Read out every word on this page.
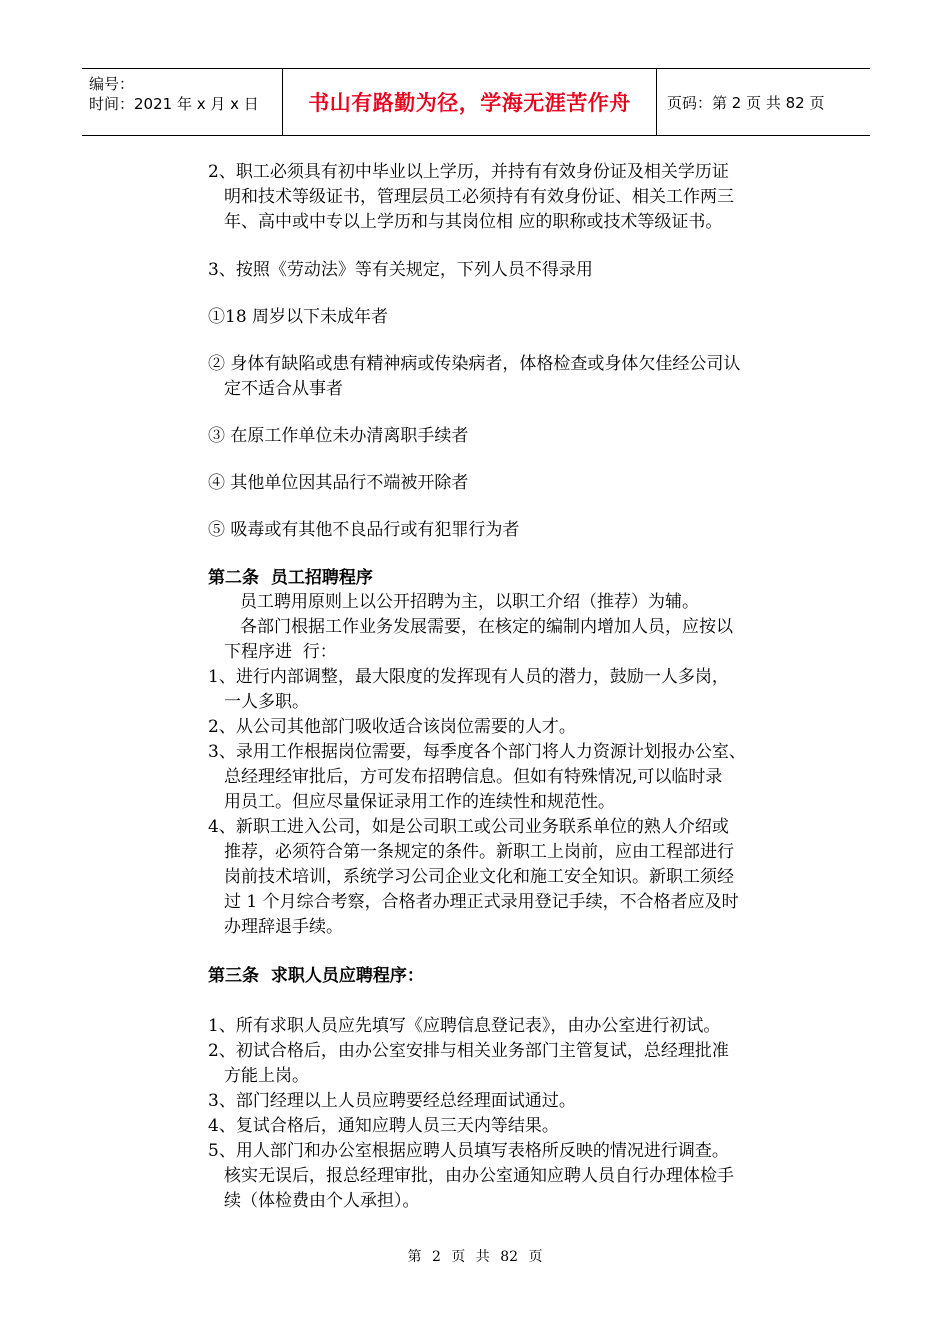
编号：
时间：2021 年 x 月 x 日	书山有路勤为径，学海无涯苦作舟	页码：第 2 页 共 82 页
2、职工必须具有初中毕业以上学历，并持有有效身份证及相关学历证
明和技术等级证书，管理层员工必须持有有效身份证、相关工作两三
年、高中或中专以上学历和与其岗位相 应的职称或技术等级证书。
3、按照《劳动法》等有关规定，下列人员不得录用
①18 周岁以下未成年者
② 身体有缺陷或患有精神病或传染病者，体格检查或身体欠佳经公司认
定不适合从事者
③ 在原工作单位未办清离职手续者
④ 其他单位因其品行不端被开除者
⑤ 吸毒或有其他不良品行或有犯罪行为者
第二条  员工招聘程序
员工聘用原则上以公开招聘为主，以职工介绍（推荐）为辅。
各部门根据工作业务发展需要，在核定的编制内增加人员，应按以
下程序进  行：
1、进行内部调整，最大限度的发挥现有人员的潜力，鼓励一人多岗，
一人多职。
2、从公司其他部门吸收适合该岗位需要的人才。
3、录用工作根据岗位需要，每季度各个部门将人力资源计划报办公室、
总经理经审批后，方可发布招聘信息。但如有特殊情况,可以临时录
用员工。但应尽量保证录用工作的连续性和规范性。
4、新职工进入公司，如是公司职工或公司业务联系单位的熟人介绍或
推荐，必须符合第一条规定的条件。新职工上岗前，应由工程部进行
岗前技术培训，系统学习公司企业文化和施工安全知识。新职工须经
过 1 个月综合考察，合格者办理正式录用登记手续，不合格者应及时
办理辞退手续。
第三条  求职人员应聘程序：
1、所有求职人员应先填写《应聘信息登记表》，由办公室进行初试。
2、初试合格后，由办公室安排与相关业务部门主管复试，总经理批准
方能上岗。
3、部门经理以上人员应聘要经总经理面试通过。
4、复试合格后，通知应聘人员三天内等结果。
5、用人部门和办公室根据应聘人员填写表格所反映的情况进行调查。
核实无误后，报总经理审批，由办公室通知应聘人员自行办理体检手
续（体检费由个人承担）。
第 2 页 共 82 页
